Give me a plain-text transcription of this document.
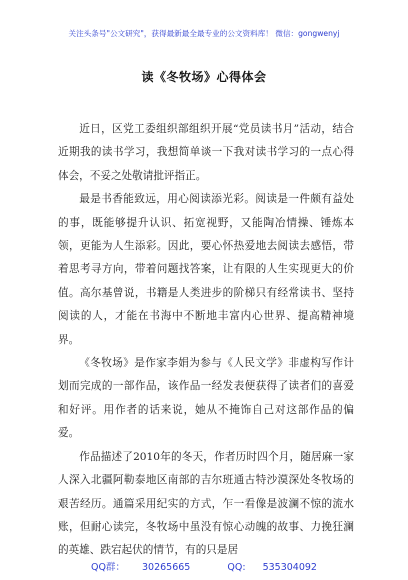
关注头条号"公文研究"，获得最新最全最专业的公文资料库！ 微信：gongwenyj
读《冬牧场》心得体会

近日，区党工委组织部组织开展“党员读书月”活动，结合近期我的读书学习，我想简单谈一下我对读书学习的一点心得体会，不妥之处敬请批评指正。

最是书香能致远，用心阅读添光彩。阅读是一件颇有益处的事，既能够提升认识、拓宽视野，又能陶冶情操、锤炼本领，更能为人生添彩。因此，要心怀热爱地去阅读去感悟，带着思考寻方向，带着问题找答案，让有限的人生实现更大的价值。高尔基曾说，书籍是人类进步的阶梯只有经常读书、坚持阅读的人，才能在书海中不断地丰富内心世界、提高精神境界。

《冬牧场》是作家李娟为参与《人民文学》非虚构写作计划而完成的一部作品，该作品一经发表便获得了读者们的喜爱和好评。用作者的话来说，她从不掩饰自己对这部作品的偏爱。

作品描述了2010年的冬天，作者历时四个月，随居麻一家人深入北疆阿勒泰地区南部的吉尔班通古特沙漠深处冬牧场的艰苦经历。通篇采用纪实的方式，乍一看像是波澜不惊的流水账，但耐心读完，冬牧场中虽没有惊心动魄的故事、力挽狂澜的英雄、跌宕起伏的情节，有的只是居

QQ群： 30265665	QQ: 535304092
